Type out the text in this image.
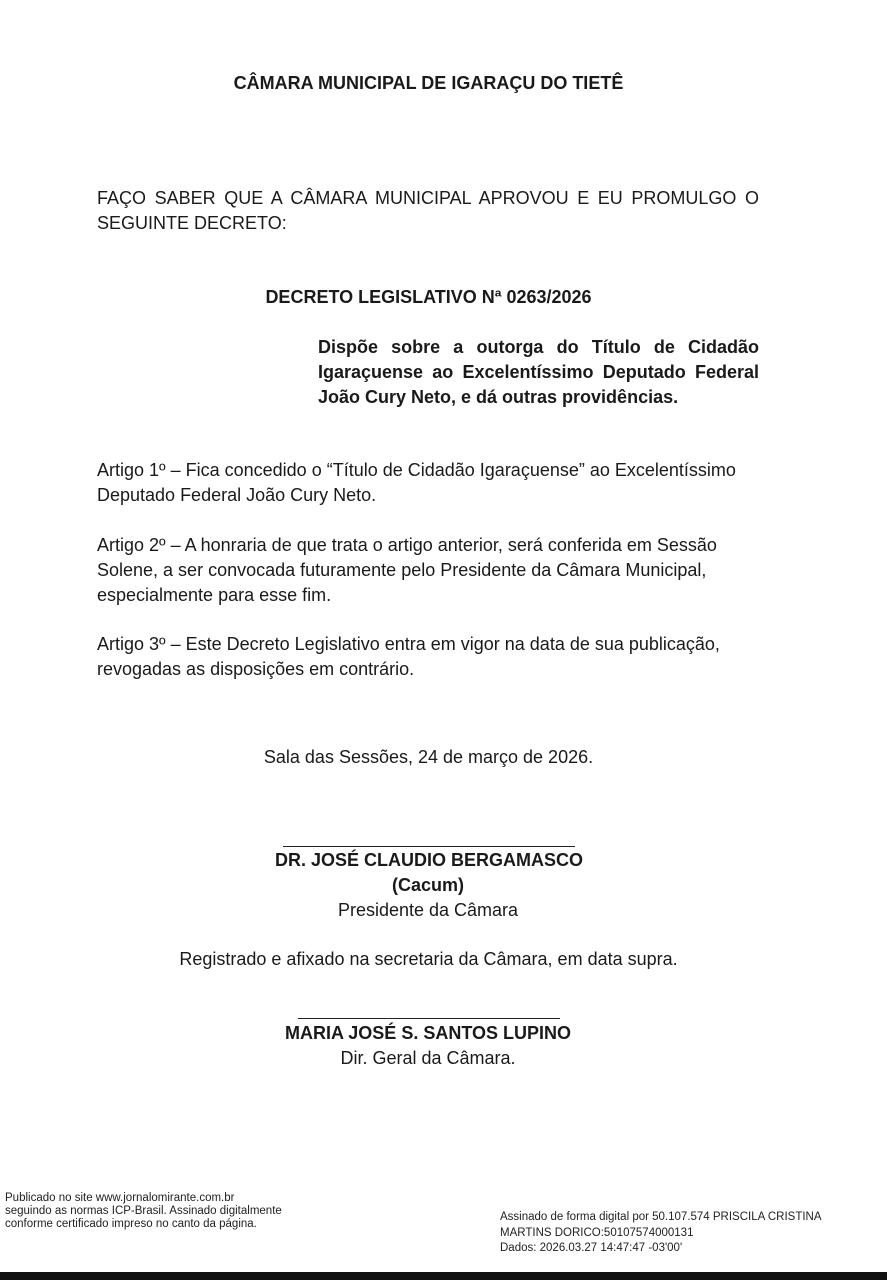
CÂMARA MUNICIPAL DE IGARAÇU DO TIETÊ
FAÇO SABER QUE A CÂMARA MUNICIPAL APROVOU E EU PROMULGO O SEGUINTE DECRETO:
DECRETO LEGISLATIVO Nª 0263/2026
Dispõe sobre a outorga do Título de Cidadão Igaraçuense ao Excelentíssimo Deputado Federal João Cury Neto, e dá outras providências.
Artigo 1º – Fica concedido o “Título de Cidadão Igaraçuense” ao Excelentíssimo Deputado Federal João Cury Neto.
Artigo 2º – A honraria de que trata o artigo anterior, será conferida em Sessão Solene, a ser convocada futuramente pelo Presidente da Câmara Municipal, especialmente para esse fim.
Artigo 3º – Este Decreto Legislativo entra em vigor na data de sua publicação, revogadas as disposições em contrário.
Sala das Sessões, 24 de março de 2026.
DR. JOSÉ CLAUDIO BERGAMASCO
(Cacum)
Presidente da Câmara
Registrado e afixado na secretaria da Câmara, em data supra.
MARIA JOSÉ S. SANTOS LUPINO
Dir. Geral da Câmara.
Publicado no site www.jornalomirante.com.br
seguindo as normas ICP-Brasil. Assinado digitalmente
conforme certificado impreso no canto da página.
Assinado de forma digital por 50.107.574 PRISCILA CRISTINA
MARTINS DORICO:50107574000131
Dados: 2026.03.27 14:47:47 -03'00'
